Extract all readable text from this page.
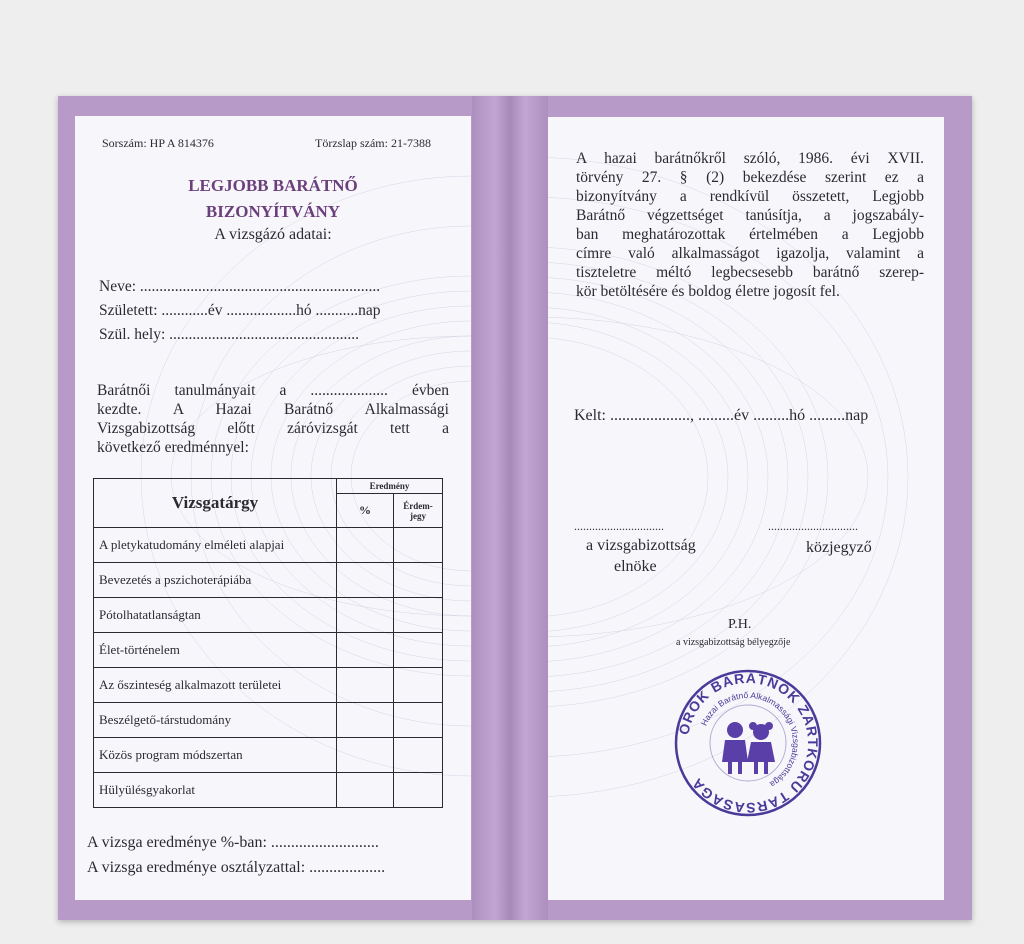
Sorszám: HP A 814376	Törzslap szám: 21-7388
LEGJOBB BARÁTNŐ
BIZONYÍTVÁNY
A vizsgázó adatai:
Neve: ..............................................................
Született: ............év ..................hó ...........nap
Szül. hely: .................................................
Barátnői tanulmányait a .................... évben
kezdte. A Hazai Barátnő Alkalmassági
Vizsgabizottság előtt záróvizsgát tett a
következő eredménnyel:
Vizsgatárgy	Eredmény	
	%	Érdem-
jegy
A pletykatudomány elméleti alapjai		
Bevezetés a pszichoterápiába		
Pótolhatatlanságtan		
Élet-történelem		
Az őszinteség alkalmazott területei		
Beszélgető-társtudomány		
Közös program módszertan		
Hülyülésgyakorlat		
A vizsga eredménye %-ban: ...........................
A vizsga eredménye osztályzattal: ...................
A hazai barátnőkről szóló, 1986. évi XVII.
törvény 27. § (2) bekezdése szerint ez a
bizonyítvány a rendkívül összetett, Legjobb
Barátnő végzettséget tanúsítja, a jogszabály-
ban meghatározottak értelmében a Legjobb
címre való alkalmasságot igazolja, valamint a
tiszteletre méltó legbecsesebb barátnő szerep-
kör betöltésére és boldog életre jogosít fel.
Kelt: ...................., .........év .........hó .........nap
..............................	..............................
a vizsgabizottság
elnöke
közjegyző
P.H.
a vizsgabizottság bélyegzője
ÖRÖK BARÁTNŐK ZÁRTKÖRŰ TÁRSASÁGA
Hazai Barátnő Alkalmassági Vizsgabizottsága
